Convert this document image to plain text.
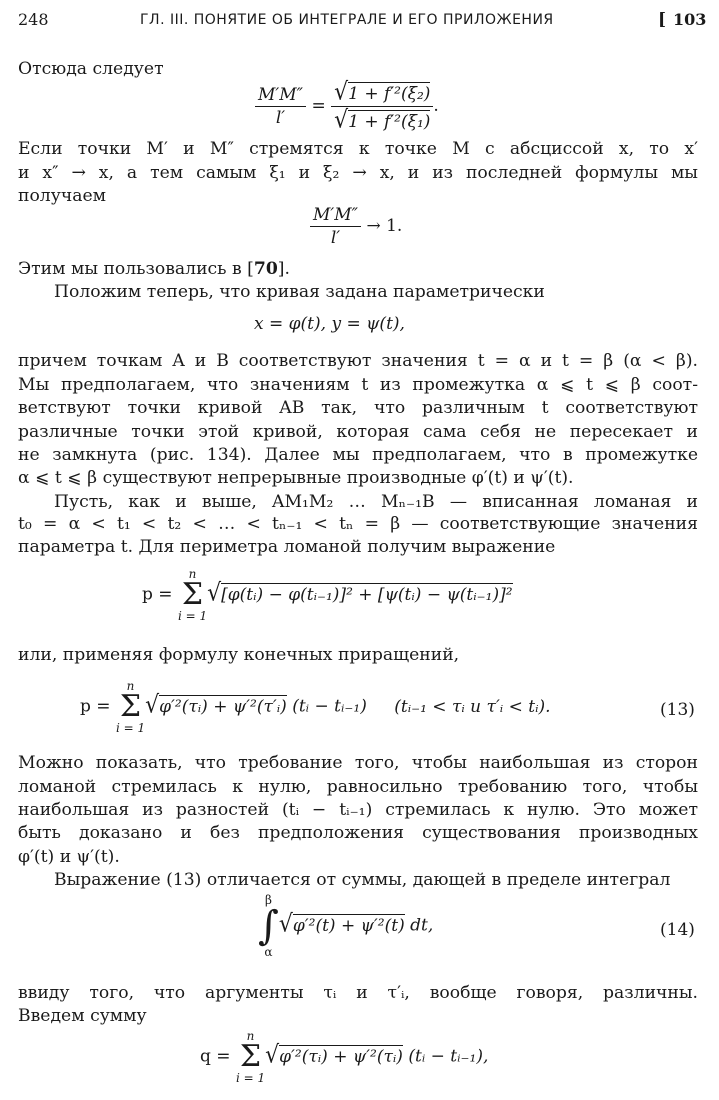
248	ГЛ. III. ПОНЯТИЕ ОБ ИНТЕГРАЛЕ И ЕГО ПРИЛОЖЕНИЯ	[ 103
Отсюда следует
$\frac{M'M''}{l'} = \frac{\text{√1 + f′²(ξ₂)}}{\text{√1 + f′²(ξ₁)}}$ .
Если точки M′ и M″ стремятся к точке M с абсциссой x, то x′
и x″ → x, а тем самым ξ₁ и ξ₂ → x, и из последней формулы мы
получаем
$\frac{M'M''}{l'} \to 1$.
Этим мы пользовались в [70].
Положим теперь, что кривая задана параметрически
x = φ(t), y = ψ(t),
причем точкам A и B соответствуют значения t = α и t = β (α < β).
Мы предполагаем, что значениям t из промежутка α ⩽ t ⩽ β соот-
ветствуют точки кривой AB так, что различным t соответствуют
различные точки этой кривой, которая сама себя не пересекает и
не замкнута (рис. 134). Далее мы предполагаем, что в промежутке
α ⩽ t ⩽ β существуют непрерывные производные φ′(t) и ψ′(t).
Пусть, как и выше, AM₁M₂ … Mₙ₋₁B — вписанная ломаная и
t₀ = α < t₁ < t₂ < … < tₙ₋₁ < tₙ = β — соответствующие значения
параметра t. Для периметра ломаной получим выражение
p =
n
Σ
i = 1
√[φ(tᵢ) − φ(tᵢ₋₁)]² + [ψ(tᵢ) − ψ(tᵢ₋₁)]²
или, применяя формулу конечных приращений,
p =
n
Σ
i = 1
√φ′²(τᵢ) + ψ′²(τ′ᵢ) (tᵢ − tᵢ₋₁) (tᵢ₋₁ < τᵢ и τ′ᵢ < tᵢ).	(13)
Можно показать, что требование того, чтобы наибольшая из сторон
ломаной стремилась к нулю, равносильно требованию того, чтобы
наибольшая из разностей (tᵢ − tᵢ₋₁) стремилась к нулю. Это может
быть доказано и без предположения существования производных
φ′(t) и ψ′(t).
Выражение (13) отличается от суммы, дающей в пределе интеграл
β
∫
α
√φ′²(t) + ψ′²(t) dt,	(14)
ввиду того, что аргументы τᵢ и τ′ᵢ, вообще говоря, различны.
Введем сумму
q =
n
Σ
i = 1
√φ′²(τᵢ) + ψ′²(τᵢ) (tᵢ − tᵢ₋₁),
